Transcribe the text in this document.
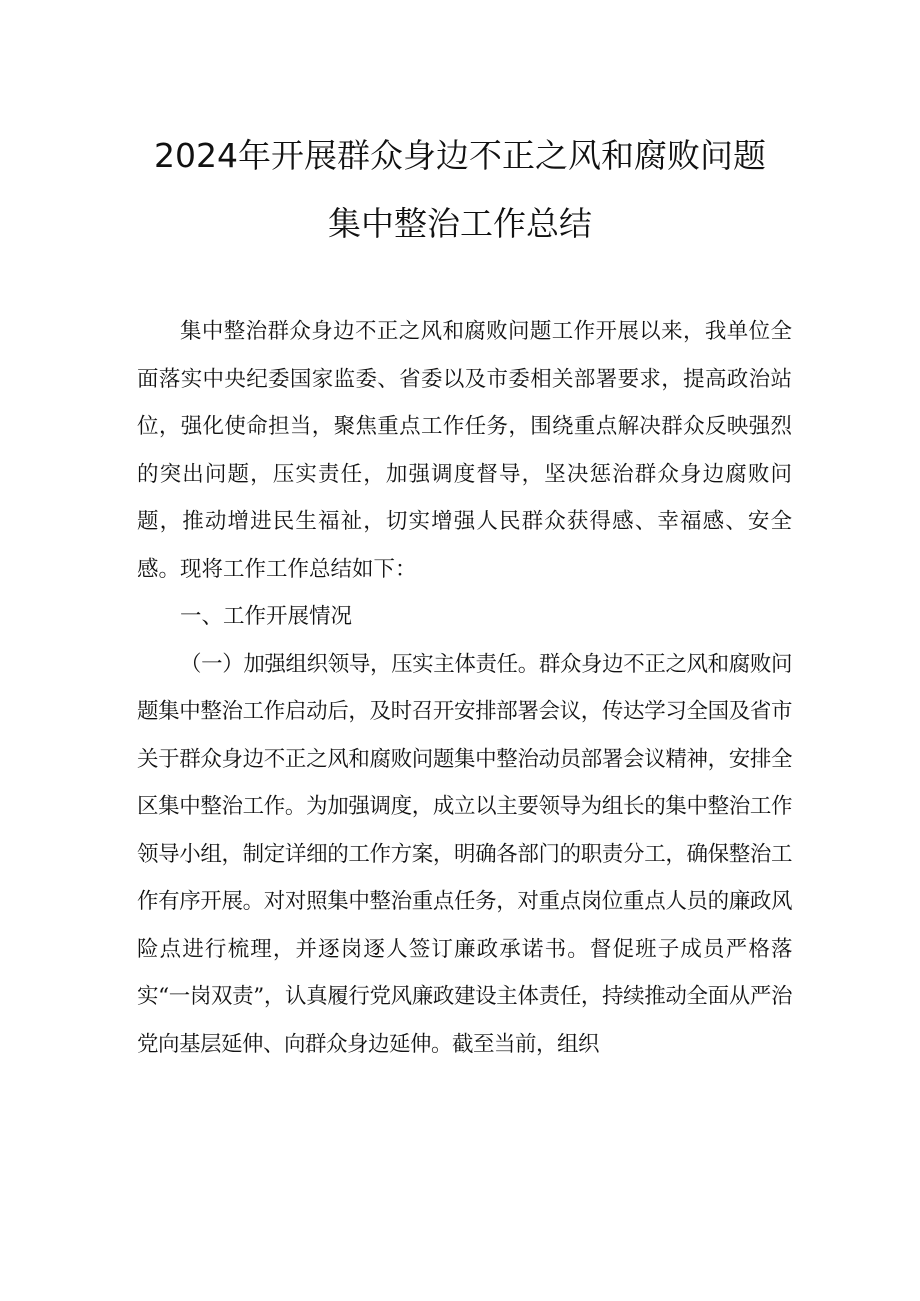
2024年开展群众身边不正之风和腐败问题
集中整治工作总结

集中整治群众身边不正之风和腐败问题工作开展以来，我单位全面落实中央纪委国家监委、省委以及市委相关部署要求，提高政治站位，强化使命担当，聚焦重点工作任务，围绕重点解决群众反映强烈的突出问题，压实责任，加强调度督导，坚决惩治群众身边腐败问题，推动增进民生福祉，切实增强人民群众获得感、幸福感、安全感。现将工作工作总结如下：

一、工作开展情况

（一）加强组织领导，压实主体责任。群众身边不正之风和腐败问题集中整治工作启动后，及时召开安排部署会议，传达学习全国及省市关于群众身边不正之风和腐败问题集中整治动员部署会议精神，安排全区集中整治工作。为加强调度，成立以主要领导为组长的集中整治工作领导小组，制定详细的工作方案，明确各部门的职责分工，确保整治工作有序开展。对对照集中整治重点任务，对重点岗位重点人员的廉政风险点进行梳理，并逐岗逐人签订廉政承诺书。督促班子成员严格落实“一岗双责”，认真履行党风廉政建设主体责任，持续推动全面从严治党向基层延伸、向群众身边延伸。截至当前，组织
